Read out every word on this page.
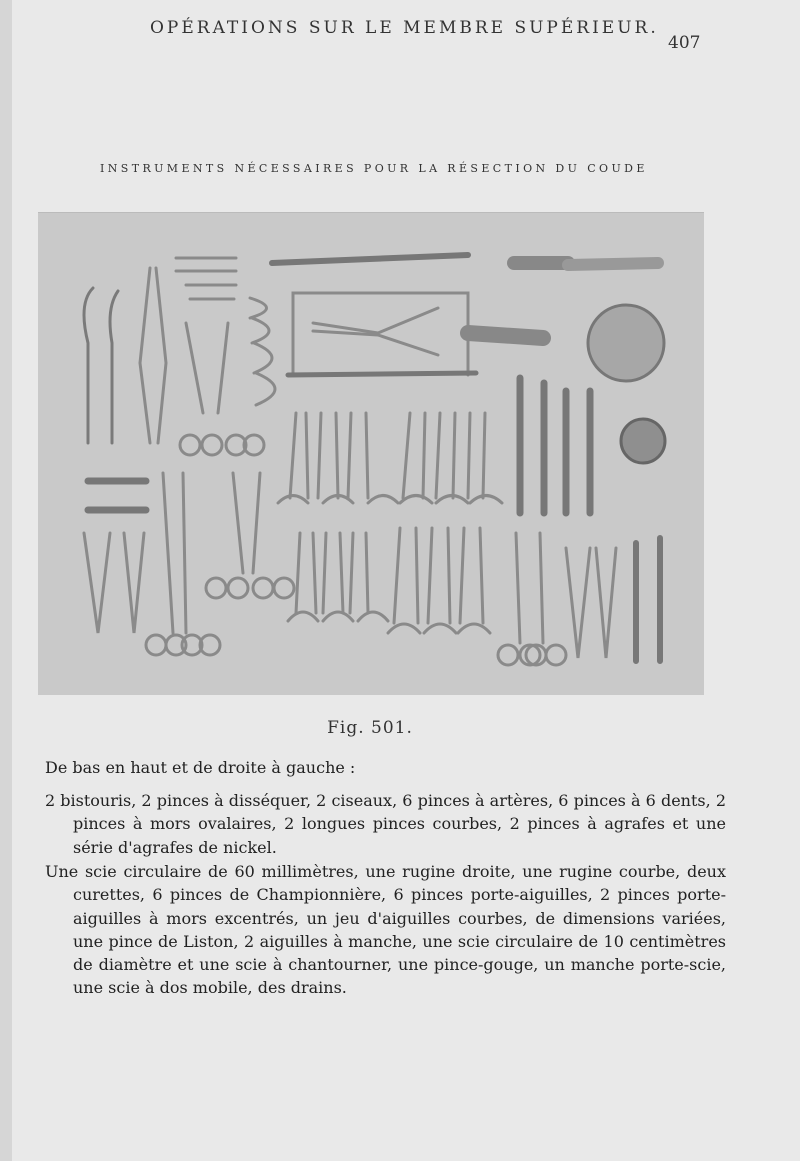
OPÉRATIONS SUR LE MEMBRE SUPÉRIEUR.
407
INSTRUMENTS NÉCESSAIRES POUR LA RÉSECTION DU COUDE
Fig. 501.
De bas en haut et de droite à gauche :
2 bistouris, 2 pinces à disséquer, 2 ciseaux, 6 pinces à artères, 6 pinces à 6 dents, 2 pinces à mors ovalaires, 2 longues pinces courbes, 2 pinces à agrafes et une série d'agrafes de nickel.
Une scie circulaire de 60 millimètres, une rugine droite, une rugine courbe, deux curettes, 6 pinces de Championnière, 6 pinces porte-aiguilles, 2 pinces porte-aiguilles à mors excentrés, un jeu d'aiguilles courbes, de dimensions variées, une pince de Liston, 2 aiguilles à manche, une scie circulaire de 10 centimètres de diamètre et une scie à chantourner, une pince-gouge, un manche porte-scie, une scie à dos mobile, des drains.
